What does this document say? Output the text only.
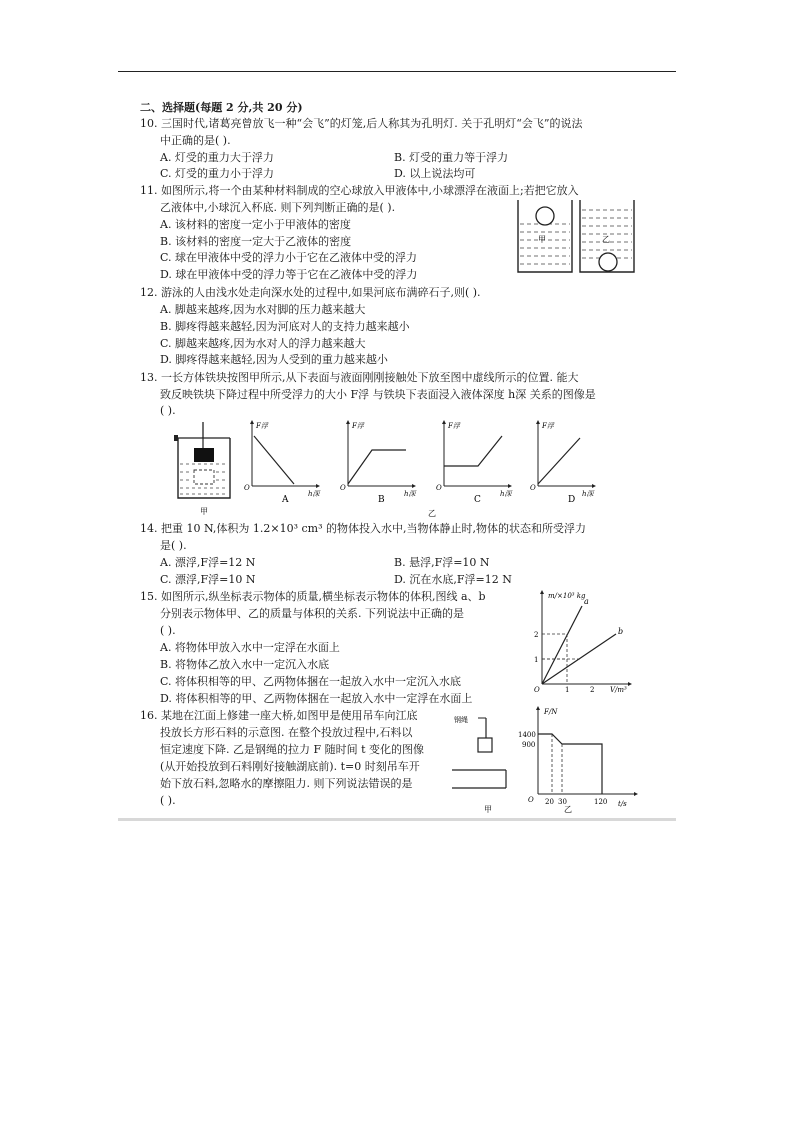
二、选择题(每题 2 分,共 20 分)
10. 三国时代,诸葛亮曾放飞一种“会飞”的灯笼,后人称其为孔明灯. 关于孔明灯“会飞”的说法
中正确的是( ).
A. 灯受的重力大于浮力	B. 灯受的重力等于浮力
C. 灯受的重力小于浮力	D. 以上说法均可
11. 如图所示,将一个由某种材料制成的空心球放入甲液体中,小球漂浮在液面上;若把它放入
乙液体中,小球沉入杯底. 则下列判断正确的是( ).
A. 该材料的密度一定小于甲液体的密度
B. 该材料的密度一定大于乙液体的密度
C. 球在甲液体中受的浮力小于它在乙液体中受的浮力
D. 球在甲液体中受的浮力等于它在乙液体中受的浮力
甲	乙
12. 游泳的人由浅水处走向深水处的过程中,如果河底布满碎石子,则( ).
A. 脚越来越疼,因为水对脚的压力越来越大
B. 脚疼得越来越轻,因为河底对人的支持力越来越小
C. 脚越来越疼,因为水对人的浮力越来越大
D. 脚疼得越来越轻,因为人受到的重力越来越小
13. 一长方体铁块按图甲所示,从下表面与液面刚刚接触处下放至图中虚线所示的位置. 能大
致反映铁块下降过程中所受浮力的大小 F浮 与铁块下表面浸入液体深度 h深 关系的图像是
( ).
甲	乙
F浮
h深
O
A
F浮
h深
O
B
F浮
h深
O
C
F浮
h深
O
D
14. 把重 10 N,体积为 1.2×10³ cm³ 的物体投入水中,当物体静止时,物体的状态和所受浮力
是( ).
A. 漂浮,F浮=12 N	B. 悬浮,F浮=10 N
C. 漂浮,F浮=10 N	D. 沉在水底,F浮=12 N
15. 如图所示,纵坐标表示物体的质量,横坐标表示物体的体积,图线 a、b
分别表示物体甲、乙的质量与体积的关系. 下列说法中正确的是
( ).
A. 将物体甲放入水中一定浮在水面上
B. 将物体乙放入水中一定沉入水底
C. 将体积相等的甲、乙两物体捆在一起放入水中一定沉入水底
D. 将体积相等的甲、乙两物体捆在一起放入水中一定浮在水面上
m/×10³ kg
V/m³
O
1
2
1	2
a
b
16. 某地在江面上修建一座大桥,如图甲是使用吊车向江底
投放长方形石料的示意图. 在整个投放过程中,石料以
恒定速度下降. 乙是钢绳的拉力 F 随时间 t 变化的图像
(从开始投放到石料刚好接触湖底前). t=0 时刻吊车开
始下放石料,忽略水的摩擦阻力. 则下列说法错误的是
( ).
钢绳
甲
F/N
t/s
O
1400
900
20 30	120
乙
